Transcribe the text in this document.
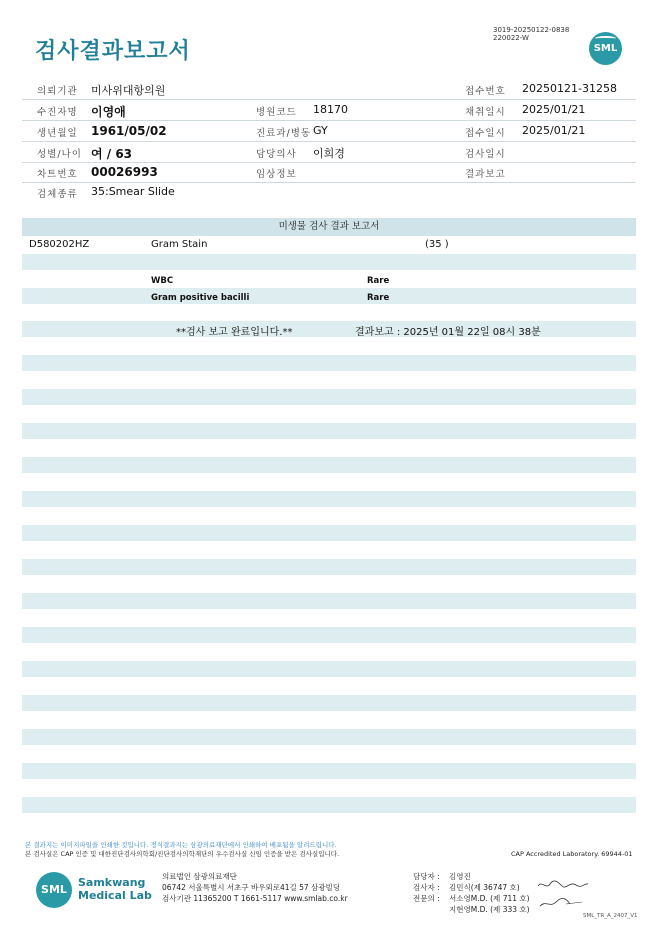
검사결과보고서
3019-20250122-0838
220022-W
SML
의뢰기관 미사위대항의원	접수번호 20250121-31258
수진자명 이영애	병원코드 18170	채취일시 2025/01/21
생년월일 1961/05/02	진료과/병동 GY	접수일시 2025/01/21
성별/나이 여 / 63	담당의사 이희경	검사일시
차트번호 00026993	임상정보	결과보고
검체종류 35:Smear Slide
미생물 검사 결과 보고서
D580202HZ	Gram Stain	(35 )
WBC	Rare
Gram positive bacilli	Rare
**검사 보고 완료입니다.**	결과보고 : 2025년 01월 22일 08시 38분
본 결과지는 이미지파일을 인쇄한 것입니다. 정식결과지는 삼광의료재단에서 인쇄하여 배포됨을 알려드립니다.
본 검사실은 CAP 인증 및 대한진단검사의학회/진단검사의학재단의 우수검사실 신임 인증을 받은 검사실입니다.	CAP Accredited Laboratory. 69944-01
SML
Samkwang
Medical Lab
의료법인 삼광의료재단
06742 서울특별시 서초구 바우뫼로41길 57 삼광빌딩
검사기관 11365200 T 1661-5117 www.smlab.co.kr
담당자 : 김영진
검사자 : 김민식(제 36747 호)
전문의 : 서소영M.D. (제 711 호)
지현영M.D. (제 333 호)
SML_TR_A_2407_V1
